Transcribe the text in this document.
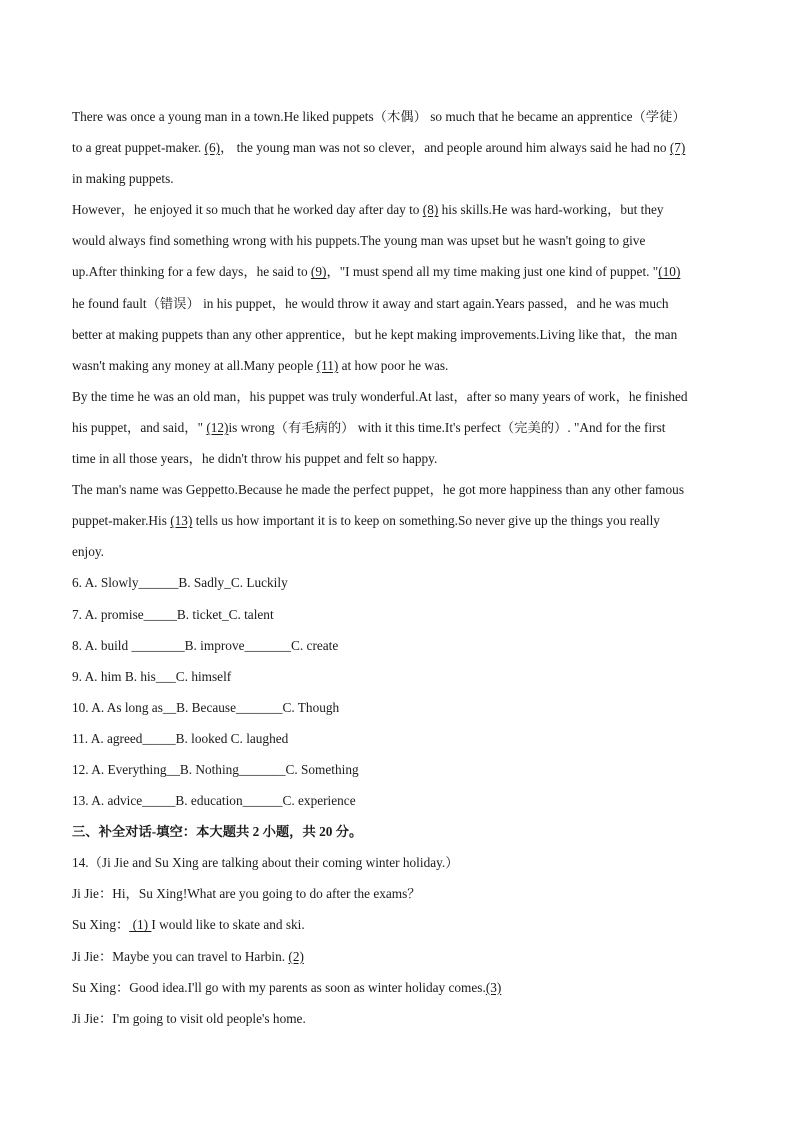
There was once a young man in a town.He liked puppets（木偶） so much that he became an apprentice（学徒）
to a great puppet-maker. (6)， the young man was not so clever，and people around him always said he had no (7)
in making puppets.
However，he enjoyed it so much that he worked day after day to (8) his skills.He was hard-working，but they
would always find something wrong with his puppets.The young man was upset but he wasn't going to give
up.After thinking for a few days，he said to (9)，"I must spend all my time making just one kind of puppet. "(10)
he found fault（错误） in his puppet，he would throw it away and start again.Years passed，and he was much
better at making puppets than any other apprentice，but he kept making improvements.Living like that，the man
wasn't making any money at all.Many people (11) at how poor he was.
By the time he was an old man，his puppet was truly wonderful.At last，after so many years of work，he finished
his puppet，and said，" (12)is wrong（有毛病的） with it this time.It's perfect（完美的）. "And for the first
time in all those years，he didn't throw his puppet and felt so happy.
The man's name was Geppetto.Because he made the perfect puppet，he got more happiness than any other famous
puppet-maker.His (13) tells us how important it is to keep on something.So never give up the things you really
enjoy.
6. A. Slowly______B. Sadly_C. Luckily
7. A. promise_____B. ticket_C. talent
8. A. build ________B. improve_______C. create
9. A. him B. his___C. himself
10. A. As long as__B. Because_______C. Though
11. A. agreed_____B. looked C. laughed
12. A. Everything__B. Nothing_______C. Something
13. A. advice_____B. education______C. experience
三、补全对话-填空：本大题共 2 小题，共 20 分。
14.（Ji Jie and Su Xing are talking about their coming winter holiday.）
Ji Jie：Hi，Su Xing!What are you going to do after the exams？
Su Xing： (1) I would like to skate and ski.
Ji Jie：Maybe you can travel to Harbin. (2)
Su Xing：Good idea.I'll go with my parents as soon as winter holiday comes.(3)
Ji Jie：I'm going to visit old people's home.
